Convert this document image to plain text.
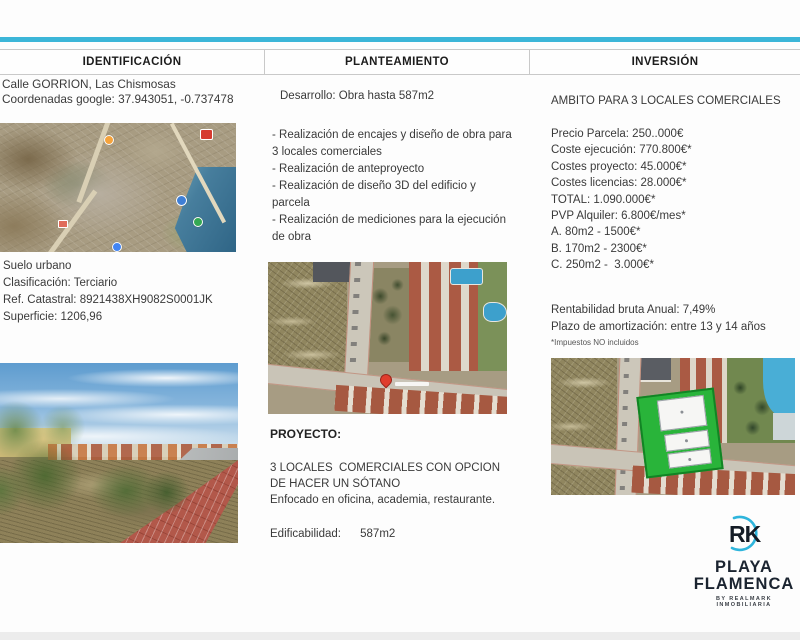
IDENTIFICACIÓN	PLANTEAMIENTO	INVERSIÓN
Calle GORRION, Las Chismosas
Coordenadas google: 37.943051, -0.737478
Suelo urbano
Clasificación: Terciario
Ref. Catastral: 8921438XH9082S0001JK
Superficie: 1206,96
Desarrollo: Obra hasta 587m2
- Realización de encajes y diseño de obra para 3 locales comerciales
- Realización de anteproyecto
- Realización de diseño 3D del edificio y parcela
- Realización de mediciones para la ejecución de obra
PROYECTO:
3 LOCALES  COMERCIALES CON OPCION DE HACER UN SÓTANO
Enfocado en oficina, academia, restaurante.
Edificabilidad:      587m2
AMBITO PARA 3 LOCALES COMERCIALES
Precio Parcela: 250..000€
Coste ejecución: 770.800€*
Costes proyecto: 45.000€*
Costes licencias: 28.000€*
TOTAL: 1.090.000€*
PVP Alquiler: 6.800€/mes*
A. 80m2 - 1500€*
B. 170m2 - 2300€*
C. 250m2 -  3.000€*
Rentabilidad bruta Anual: 7,49%
Plazo de amortización: entre 13 y 14 años
*Impuestos NO incluidos
RK
PLAYA
FLAMENCA
BY REALMARK INMOBILIARIA
